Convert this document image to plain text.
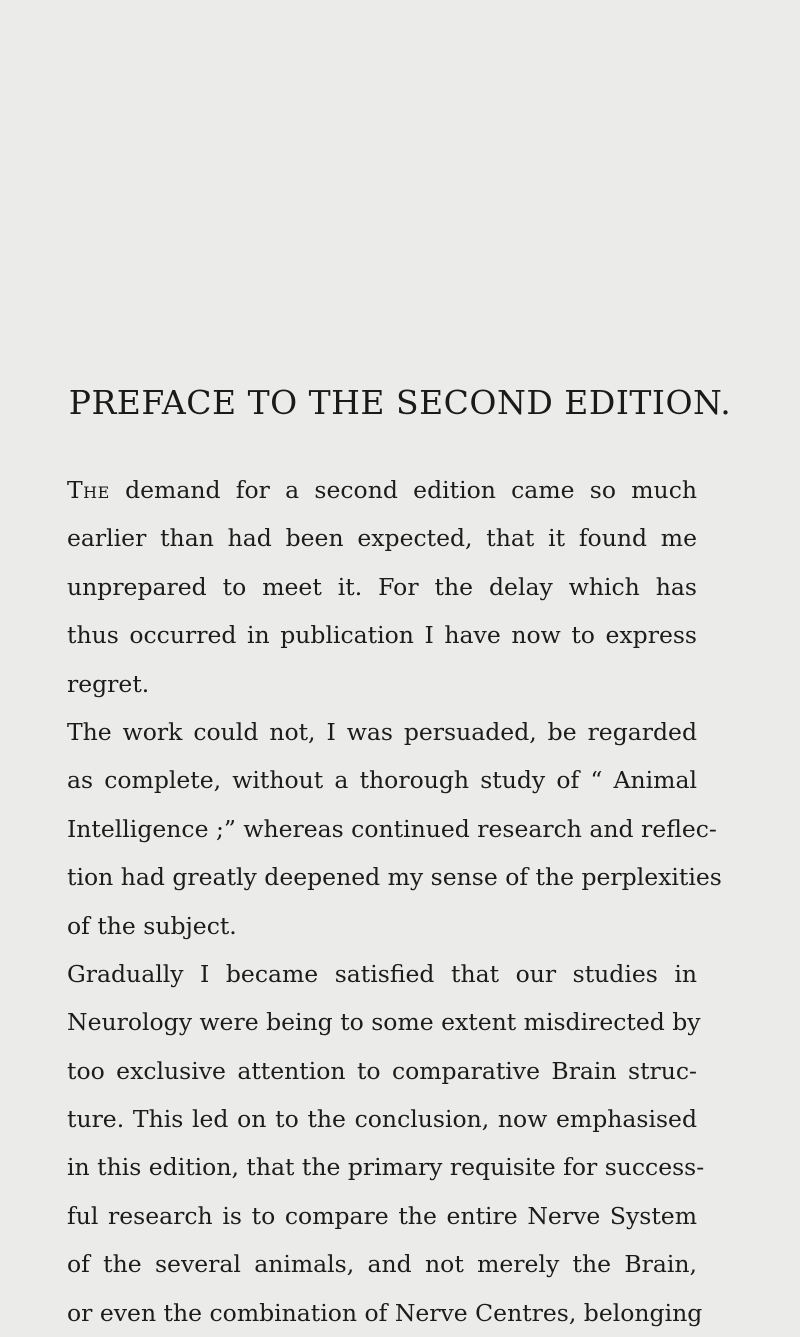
PREFACE TO THE SECOND EDITION.
The demand for a second edition came so much
earlier than had been expected, that it found me
unprepared to meet it. For the delay which has
thus occurred in publication I have now to express
regret.
The work could not, I was persuaded, be regarded
as complete, without a thorough study of “ Animal
Intelligence ;” whereas continued research and reflec-
tion had greatly deepened my sense of the perplexities
of the subject.
Gradually I became satisfied that our studies in
Neurology were being to some extent misdirected by
too exclusive attention to comparative Brain struc-
ture. This led on to the conclusion, now emphasised
in this edition, that the primary requisite for success-
ful research is to compare the entire Nerve System
of the several animals, and not merely the Brain,
or even the combination of Nerve Centres, belonging
